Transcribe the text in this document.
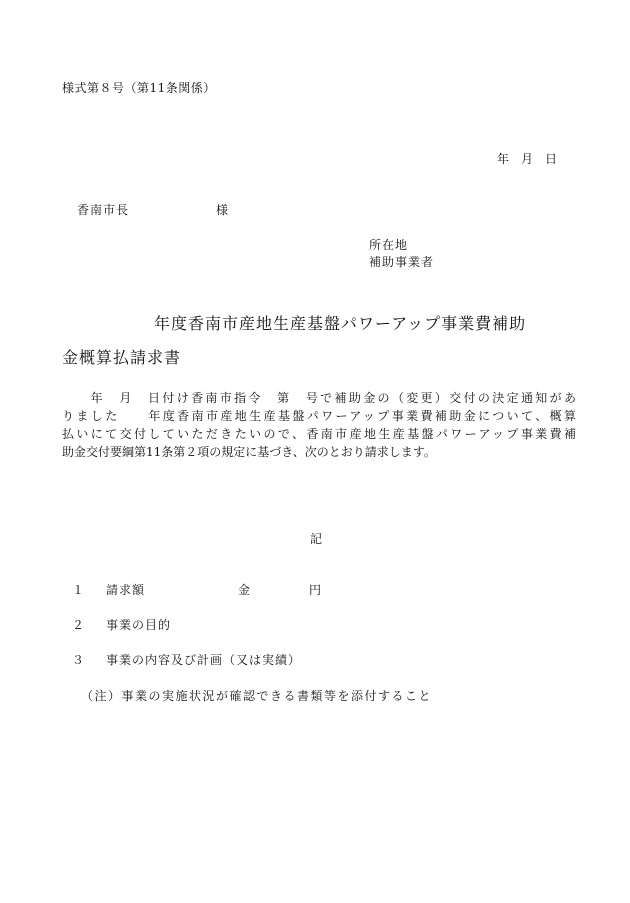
様式第８号（第11条関係）
年　月　日
香南市長	様
所在地
補助事業者
年度香南市産地生産基盤パワーアップ事業費補助
金概算払請求書
　　年　月　日付け香南市指令　第　号で補助金の（変更）交付の決定通知があ
りました　　年度香南市産地生産基盤パワーアップ事業費補助金について、概算
払いにて交付していただきたいので、香南市産地生産基盤パワーアップ事業費補
助金交付要綱第11条第２項の規定に基づき、次のとおり請求します。
記
１ 請求額	金	円
２ 事業の目的
３ 事業の内容及び計画（又は実績）
（注）事業の実施状況が確認できる書類等を添付すること
